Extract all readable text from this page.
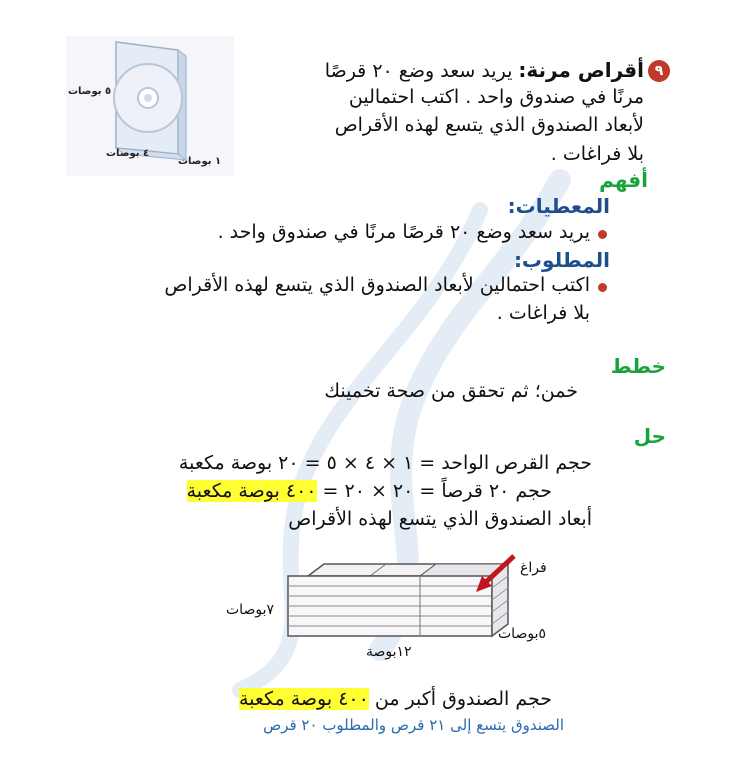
٥ بوصات
٤ بوصات
١ بوصات
٩
أقراص مرنة: يريد سعد وضع ٢٠ قرصًا
مرنًا في صندوق واحد . اكتب احتمالين
لأبعاد الصندوق الذي يتسع لهذه الأقراص
بلا فراغات .
أفهم
المعطيات:
يريد سعد وضع ٢٠ قرصًا مرنًا في صندوق واحد .
المطلوب:
اكتب احتمالين لأبعاد الصندوق الذي يتسع لهذه الأقراص
بلا فراغات .
خطط
خمن؛ ثم تحقق من صحة تخمينك
حل
حجم القرص الواحد = ١ × ٤ × ٥ = ٢٠ بوصة مكعبة
حجم ٢٠ قرصاً = ٢٠ × ٢٠ = ٤٠٠ بوصة مكعبة
أبعاد الصندوق الذي يتسع لهذه الأقراص
فراغ
٧بوصات
٥بوصات
١٢بوصة
حجم الصندوق أكبر من ٤٠٠ بوصة مكعبة
الصندوق يتسع إلى ٢١ قرص والمطلوب ٢٠ قرص
